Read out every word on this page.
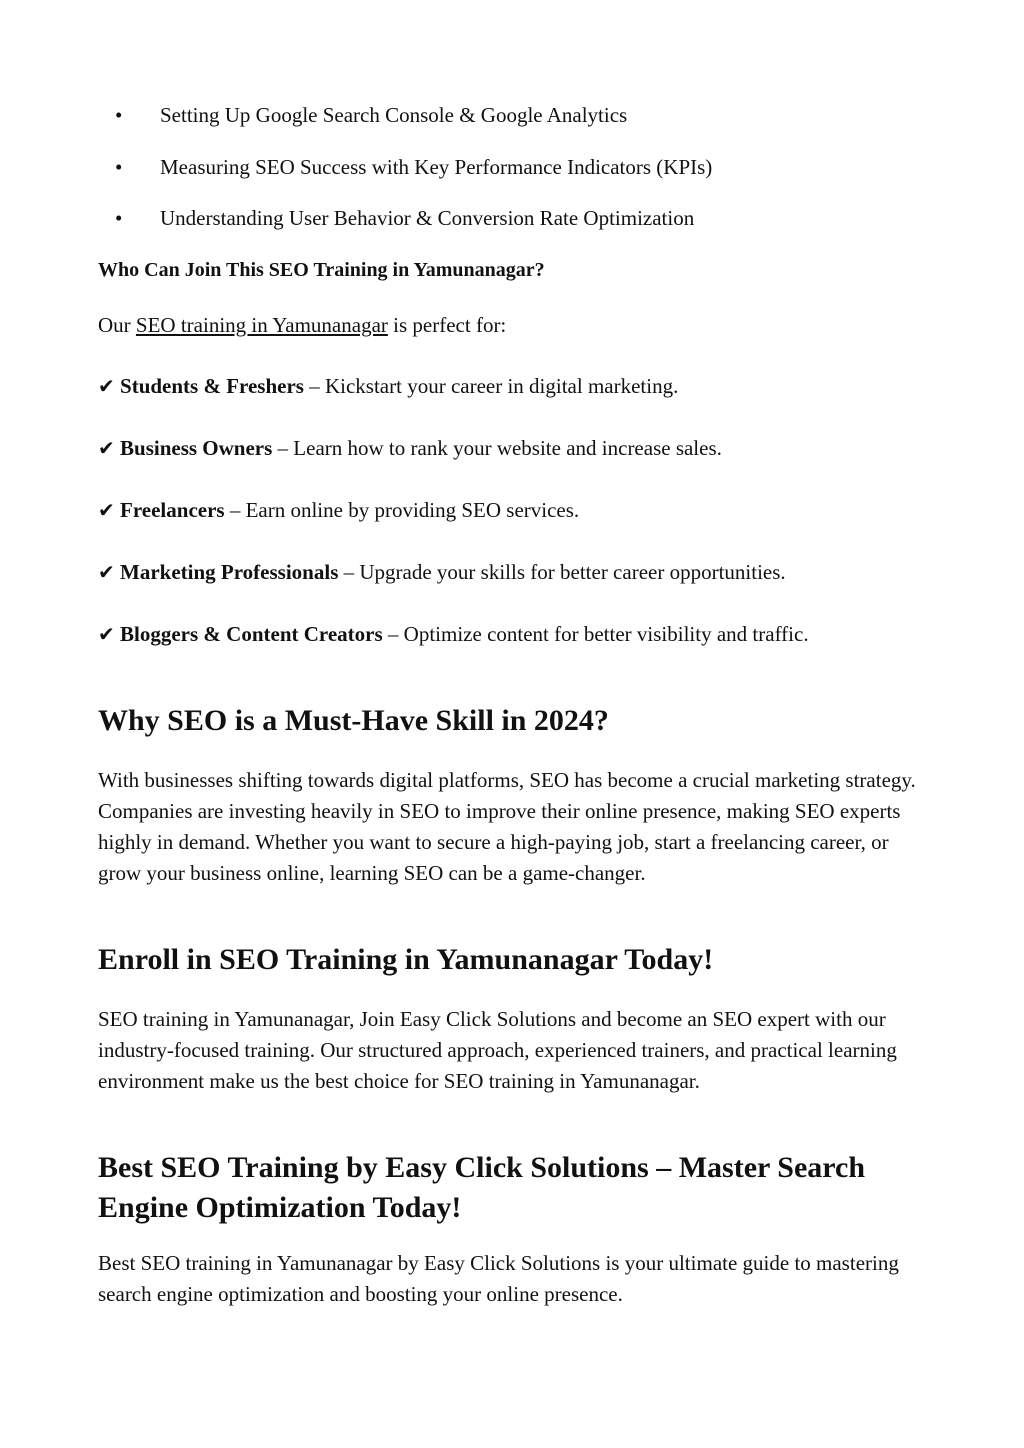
• Setting Up Google Search Console & Google Analytics
• Measuring SEO Success with Key Performance Indicators (KPIs)
• Understanding User Behavior & Conversion Rate Optimization

Who Can Join This SEO Training in Yamunanagar?

Our SEO training in Yamunanagar is perfect for:

✔ Students & Freshers – Kickstart your career in digital marketing.
✔ Business Owners – Learn how to rank your website and increase sales.
✔ Freelancers – Earn online by providing SEO services.
✔ Marketing Professionals – Upgrade your skills for better career opportunities.
✔ Bloggers & Content Creators – Optimize content for better visibility and traffic.
Why SEO is a Must-Have Skill in 2024?

With businesses shifting towards digital platforms, SEO has become a crucial marketing strategy. Companies are investing heavily in SEO to improve their online presence, making SEO experts highly in demand. Whether you want to secure a high-paying job, start a freelancing career, or grow your business online, learning SEO can be a game-changer.

Enroll in SEO Training in Yamunanagar Today!

SEO training in Yamunanagar, Join Easy Click Solutions and become an SEO expert with our industry-focused training. Our structured approach, experienced trainers, and practical learning environment make us the best choice for SEO training in Yamunanagar.

Best SEO Training by Easy Click Solutions – Master Search Engine Optimization Today!

Best SEO training in Yamunanagar by Easy Click Solutions is your ultimate guide to mastering search engine optimization and boosting your online presence.
